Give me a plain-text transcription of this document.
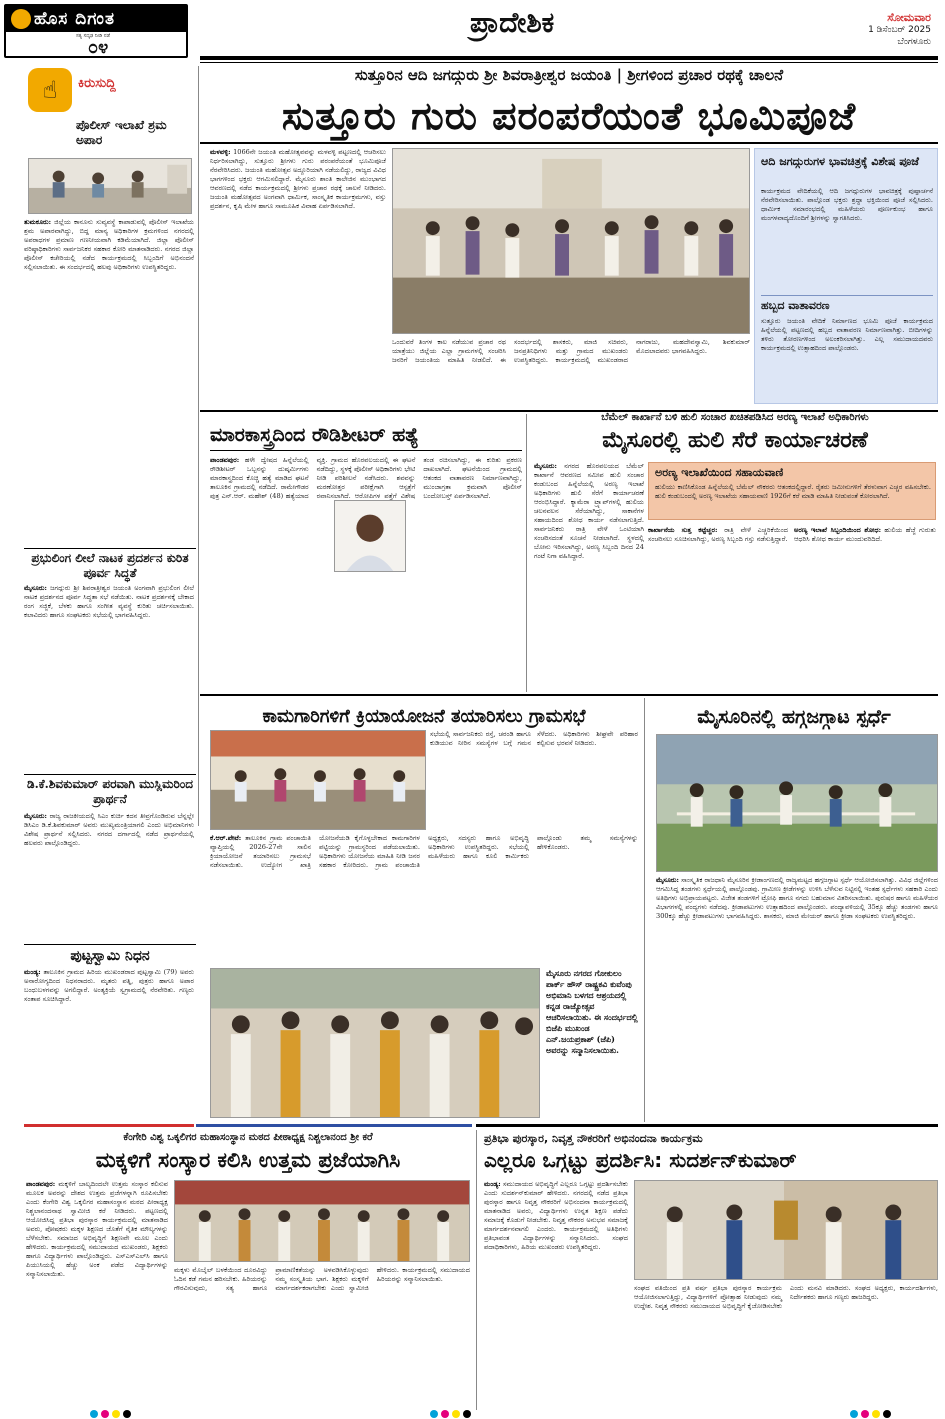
ಹೊಸ ದಿಗಂತ
ಸತ್ಯ ಸದೃಢ ನೀಡಿ ನಡೆ
೦೪
ಪ್ರಾದೇಶಿಕ	ಸೋಮವಾರ
1 ಡಿಸೆಂಬರ್ 2025
ಬೆಂಗಳೂರು
☝	ಕಿರುಸುದ್ದಿ
ಪೊಲೀಸ್ ಇಲಾಖೆ ಶ್ರಮ ಅಪಾರ

ತುಮಕೂರು: ಜಿಲ್ಲೆಯ ಕಾನೂನು ಸುವ್ಯವಸ್ಥೆ ಕಾಪಾಡುವಲ್ಲಿ ಪೊಲೀಸ್ ಇಲಾಖೆಯ ಶ್ರಮ ಅಪಾರವಾಗಿದ್ದು, ಬಿದ್ದ ಮಾನ್ಯ ಅಧಿಕಾರಿಗಳ ಕ್ರಮಗಳಿಂದ ನಗರದಲ್ಲಿ ಅಪರಾಧಗಳ ಪ್ರಮಾಣ ಗಣನೀಯವಾಗಿ ಕಡಿಮೆಯಾಗಿದೆ. ಜಿಲ್ಲಾ ಪೊಲೀಸ್ ವರಿಷ್ಠಾಧಿಕಾರಿಗಳು ಸಾರ್ವಜನಿಕರ ಸಹಕಾರ ಕೋರಿ ಮಾತನಾಡಿದರು. ನಗರದ ಜಿಲ್ಲಾ ಪೊಲೀಸ್ ಕಚೇರಿಯಲ್ಲಿ ನಡೆದ ಕಾರ್ಯಕ್ರಮದಲ್ಲಿ ಸಿಬ್ಬಂದಿಗೆ ಅಭಿನಂದನೆ ಸಲ್ಲಿಸಲಾಯಿತು. ಈ ಸಂದರ್ಭದಲ್ಲಿ ಹಲವು ಅಧಿಕಾರಿಗಳು ಉಪಸ್ಥಿತರಿದ್ದರು.

ಪ್ರಭುಲಿಂಗ ಲೀಲೆ ನಾಟಕ ಪ್ರದರ್ಶನ ಕುರಿತ ಪೂರ್ವ ಸಿದ್ಧತೆ

ಮೈಸೂರು: ಜಗದ್ಗುರು ಶ್ರೀ ಶಿವರಾತ್ರೀಶ್ವರ ಜಯಂತಿ ಅಂಗವಾಗಿ ಪ್ರಭುಲಿಂಗ ಲೀಲೆ ನಾಟಕ ಪ್ರದರ್ಶನದ ಪೂರ್ವ ಸಿದ್ಧತಾ ಸಭೆ ನಡೆಯಿತು. ನಾಟಕ ಪ್ರದರ್ಶನಕ್ಕೆ ಬೇಕಾದ ರಂಗ ಸಜ್ಜಿಕೆ, ಬೆಳಕು ಹಾಗೂ ಸಂಗೀತ ವ್ಯವಸ್ಥೆ ಕುರಿತು ಚರ್ಚಿಸಲಾಯಿತು. ಕಲಾವಿದರು ಹಾಗೂ ಸಂಘಟಕರು ಸಭೆಯಲ್ಲಿ ಭಾಗವಹಿಸಿದ್ದರು.

ಡಿ.ಕೆ.ಶಿವಕುಮಾರ್ ಪರವಾಗಿ ಮುಸ್ಲಿಮರಿಂದ ಪ್ರಾರ್ಥನೆ

ಮೈಸೂರು: ರಾಜ್ಯ ರಾಜಕೀಯದಲ್ಲಿ ಸಿಎಂ ಕುರ್ಚಿ ಕದನ ತೀವ್ರಗೊಂಡಿರುವ ಬೆನ್ನಲ್ಲೇ ಡಿಸಿಎಂ ಡಿ.ಕೆ.ಶಿವಕುಮಾರ್ ಅವರು ಮುಖ್ಯಮಂತ್ರಿಯಾಗಲಿ ಎಂದು ಅಭಿಮಾನಿಗಳು ವಿಶೇಷ ಪ್ರಾರ್ಥನೆ ಸಲ್ಲಿಸಿದರು. ನಗರದ ದರ್ಗಾದಲ್ಲಿ ನಡೆದ ಪ್ರಾರ್ಥನೆಯಲ್ಲಿ ಹಲವರು ಪಾಲ್ಗೊಂಡಿದ್ದರು.

ಪುಟ್ಟಸ್ವಾಮಿ ನಿಧನ

ಮಂಡ್ಯ: ತಾಲೂಕಿನ ಗ್ರಾಮದ ಹಿರಿಯ ಮುಖಂಡರಾದ ಪುಟ್ಟಸ್ವಾಮಿ (79) ಅವರು ಅನಾರೋಗ್ಯದಿಂದ ನಿಧನರಾದರು. ಮೃತರು ಪತ್ನಿ, ಪುತ್ರರು ಹಾಗೂ ಅಪಾರ ಬಂಧುಬಳಗವನ್ನು ಅಗಲಿದ್ದಾರೆ. ಅಂತ್ಯಕ್ರಿಯೆ ಸ್ವಗ್ರಾಮದಲ್ಲಿ ನೆರವೇರಿತು. ಗಣ್ಯರು ಸಂತಾಪ ಸೂಚಿಸಿದ್ದಾರೆ.

ಸುತ್ತೂರಿನ ಆದಿ ಜಗದ್ಗುರು ಶ್ರೀ ಶಿವರಾತ್ರೀಶ್ವರ ಜಯಂತಿ | ಶ್ರೀಗಳಿಂದ ಪ್ರಚಾರ ರಥಕ್ಕೆ ಚಾಲನೆ
ಸುತ್ತೂರು ಗುರು ಪರಂಪರೆಯಂತೆ ಭೂಮಿಪೂಜೆ

ಮಳವಳ್ಳಿ: 1066ನೇ ಜಯಂತಿ ಮಹೋತ್ಸವವನ್ನು ಮಳವಳ್ಳಿ ಪಟ್ಟಣದಲ್ಲಿ ಆಚರಿಸಲು ನಿರ್ಧರಿಸಲಾಗಿದ್ದು, ಸುತ್ತೂರು ಶ್ರೀಗಳು ಗುರು ಪರಂಪರೆಯಂತೆ ಭೂಮಿಪೂಜೆ ನೆರವೇರಿಸಿದರು. ಜಯಂತಿ ಮಹೋತ್ಸವ ಅದ್ದೂರಿಯಾಗಿ ನಡೆಯಲಿದ್ದು, ರಾಜ್ಯದ ವಿವಿಧ ಭಾಗಗಳಿಂದ ಭಕ್ತರು ಆಗಮಿಸಲಿದ್ದಾರೆ. ಮೈಸೂರು ಶಾಂತಿ ಕಾಲೇಜಿನ ಮುಂಭಾಗದ ಆವರಣದಲ್ಲಿ ನಡೆದ ಕಾರ್ಯಕ್ರಮದಲ್ಲಿ ಶ್ರೀಗಳು ಪ್ರಚಾರ ರಥಕ್ಕೆ ಚಾಲನೆ ನೀಡಿದರು. ಜಯಂತಿ ಮಹೋತ್ಸವದ ಅಂಗವಾಗಿ ಧಾರ್ಮಿಕ, ಸಾಂಸ್ಕೃತಿಕ ಕಾರ್ಯಕ್ರಮಗಳು, ವಸ್ತು ಪ್ರದರ್ಶನ, ಕೃಷಿ ಮೇಳ ಹಾಗೂ ಸಾಮೂಹಿಕ ವಿವಾಹ ಏರ್ಪಡಿಸಲಾಗಿದೆ.

ಒಂದುವರೆ ತಿಂಗಳ ಕಾಲ ನಡೆಯುವ ಪ್ರಚಾರ ರಥ ಯಾತ್ರೆಯು ಜಿಲ್ಲೆಯ ಎಲ್ಲಾ ಗ್ರಾಮಗಳಲ್ಲಿ ಸಂಚರಿಸಿ ಜನರಿಗೆ ಜಯಂತಿಯ ಮಾಹಿತಿ ನೀಡಲಿದೆ. ಈ ಸಂದರ್ಭದಲ್ಲಿ ಶಾಸಕರು, ಮಾಜಿ ಸಚಿವರು, ಜನಪ್ರತಿನಿಧಿಗಳು ಮತ್ತು ಗ್ರಾಮದ ಮುಖಂಡರು ಉಪಸ್ಥಿತರಿದ್ದರು. ಕಾರ್ಯಕ್ರಮದಲ್ಲಿ ಮುಖಂಡರಾದ ನಾಗರಾಜು, ಮಹದೇವಸ್ವಾಮಿ, ಶಿವಕುಮಾರ್ ಮೊದಲಾದವರು ಭಾಗವಹಿಸಿದ್ದರು.
ಆದಿ ಜಗದ್ಗುರುಗಳ ಭಾವಚಿತ್ರಕ್ಕೆ ವಿಶೇಷ ಪೂಜೆ
ಕಾರ್ಯಕ್ರಮದ ವೇದಿಕೆಯಲ್ಲಿ ಆದಿ ಜಗದ್ಗುರುಗಳ ಭಾವಚಿತ್ರಕ್ಕೆ ಪುಷ್ಪಾರ್ಚನೆ ನೆರವೇರಿಸಲಾಯಿತು. ಪಾಲ್ಗೊಂಡ ಭಕ್ತರು ಶ್ರದ್ಧಾ ಭಕ್ತಿಯಿಂದ ಪೂಜೆ ಸಲ್ಲಿಸಿದರು. ಧಾರ್ಮಿಕ ಸಮಾರಂಭದಲ್ಲಿ ಮಹಿಳೆಯರು ಪೂರ್ಣಕುಂಭ ಹಾಗೂ ಮಂಗಳವಾದ್ಯದೊಂದಿಗೆ ಶ್ರೀಗಳನ್ನು ಸ್ವಾಗತಿಸಿದರು.
ಹಬ್ಬದ ವಾತಾವರಣ
ಸುತ್ತೂರು ಜಯಂತಿ ವೇದಿಕೆ ನಿರ್ಮಾಣದ ಭೂಮಿ ಪೂಜೆ ಕಾರ್ಯಕ್ರಮದ ಹಿನ್ನೆಲೆಯಲ್ಲಿ ಪಟ್ಟಣದಲ್ಲಿ ಹಬ್ಬದ ವಾತಾವರಣ ನಿರ್ಮಾಣವಾಗಿತ್ತು. ಬೀದಿಗಳನ್ನು ತಳಿರು ತೋರಣಗಳಿಂದ ಅಲಂಕರಿಸಲಾಗಿತ್ತು. ಎಲ್ಲ ಸಮುದಾಯದವರು ಕಾರ್ಯಕ್ರಮದಲ್ಲಿ ಉತ್ಸಾಹದಿಂದ ಪಾಲ್ಗೊಂಡರು.
ಮಾರಕಾಸ್ತ್ರದಿಂದ ರೌಡಿಶೀಟರ್ ಹತ್ಯೆ

ಪಾಂಡವಪುರ: ಹಳೇ ದ್ವೇಷದ ಹಿನ್ನೆಲೆಯಲ್ಲಿ ರೌಡಿಶೀಟರ್ ಒಬ್ಬನನ್ನು ದುಷ್ಕರ್ಮಿಗಳು ಮಾರಕಾಸ್ತ್ರದಿಂದ ಕೊಚ್ಚಿ ಹತ್ಯೆ ಮಾಡಿದ ಘಟನೆ ತಾಲೂಕಿನ ಗ್ರಾಮದಲ್ಲಿ ನಡೆದಿದೆ. ರಾಮೇಗೌಡರ ಪುತ್ರ ಎನ್.ಆರ್. ಮಹೇಶ್ (48) ಹತ್ಯೆಯಾದ ವ್ಯಕ್ತಿ. ಗ್ರಾಮದ ಹೊರವಲಯದಲ್ಲಿ ಈ ಘಟನೆ ನಡೆದಿದ್ದು, ಸ್ಥಳಕ್ಕೆ ಪೊಲೀಸ್ ಅಧಿಕಾರಿಗಳು ಭೇಟಿ ನೀಡಿ ಪರಿಶೀಲನೆ ನಡೆಸಿದರು. ಶವವನ್ನು ಮರಣೋತ್ತರ ಪರೀಕ್ಷೆಗಾಗಿ ಆಸ್ಪತ್ರೆಗೆ ರವಾನಿಸಲಾಗಿದೆ. ಆರೋಪಿಗಳ ಪತ್ತೆಗೆ ವಿಶೇಷ ತಂಡ ರಚಿಸಲಾಗಿದ್ದು, ಈ ಕುರಿತು ಪ್ರಕರಣ ದಾಖಲಾಗಿದೆ. ಘಟನೆಯಿಂದ ಗ್ರಾಮದಲ್ಲಿ ಆತಂಕದ ವಾತಾವರಣ ನಿರ್ಮಾಣವಾಗಿದ್ದು, ಮುಂಜಾಗ್ರತಾ ಕ್ರಮವಾಗಿ ಪೊಲೀಸ್ ಬಂದೋಬಸ್ತ್ ಏರ್ಪಡಿಸಲಾಗಿದೆ.

ಬೆಮೆಲ್ ಕಾರ್ಖಾನೆ ಬಳಿ ಹುಲಿ ಸಂಚಾರ ಖಚಿತಪಡಿಸಿದ ಅರಣ್ಯ ಇಲಾಖೆ ಅಧಿಕಾರಿಗಳು
ಮೈಸೂರಲ್ಲಿ ಹುಲಿ ಸೆರೆ ಕಾರ್ಯಾಚರಣೆ

ಮೈಸೂರು: ನಗರದ ಹೊರವಲಯದ ಬೆಮೆಲ್ ಕಾರ್ಖಾನೆ ಆವರಣದ ಸಮೀಪ ಹುಲಿ ಸಂಚಾರ ಕಂಡುಬಂದ ಹಿನ್ನೆಲೆಯಲ್ಲಿ ಅರಣ್ಯ ಇಲಾಖೆ ಅಧಿಕಾರಿಗಳು ಹುಲಿ ಸೆರೆಗೆ ಕಾರ್ಯಾಚರಣೆ ಆರಂಭಿಸಿದ್ದಾರೆ. ಕ್ಯಾಮೆರಾ ಟ್ರ್ಯಾಪ್‌ಗಳಲ್ಲಿ ಹುಲಿಯ ಚಲನವಲನ ಸೆರೆಯಾಗಿದ್ದು, ಸಾಕಾನೆಗಳ ಸಹಾಯದಿಂದ ಶೋಧ ಕಾರ್ಯ ನಡೆಸಲಾಗುತ್ತಿದೆ. ಸಾರ್ವಜನಿಕರು ರಾತ್ರಿ ವೇಳೆ ಒಂಟಿಯಾಗಿ ಸಂಚರಿಸದಂತೆ ಸೂಚನೆ ನೀಡಲಾಗಿದೆ. ಸ್ಥಳದಲ್ಲಿ ಬೋನು ಇರಿಸಲಾಗಿದ್ದು, ಅರಣ್ಯ ಸಿಬ್ಬಂದಿ ದಿನದ 24 ಗಂಟೆ ನಿಗಾ ವಹಿಸಿದ್ದಾರೆ.

ಅರಣ್ಯ ಇಲಾಖೆಯಿಂದ ಸಹಾಯವಾಣಿ
ಹುಲಿಯು ಕಾಣಿಸಿಕೊಂಡ ಹಿನ್ನೆಲೆಯಲ್ಲಿ ಬೆಮೆಲ್ ನೌಕರರು ಆತಂಕದಲ್ಲಿದ್ದಾರೆ. ರೈತರು ಜಮೀನುಗಳಿಗೆ ತೆರಳುವಾಗ ಎಚ್ಚರ ವಹಿಸಬೇಕು. ಹುಲಿ ಕಂಡುಬಂದಲ್ಲಿ ಅರಣ್ಯ ಇಲಾಖೆಯ ಸಹಾಯವಾಣಿ 1926ಗೆ ಕರೆ ಮಾಡಿ ಮಾಹಿತಿ ನೀಡುವಂತೆ ಕೋರಲಾಗಿದೆ.

ಕಾರ್ಖಾನೆಯ ಸುತ್ತ ಕಟ್ಟೆಚ್ಚರ: ರಾತ್ರಿ ವೇಳೆ ಎಚ್ಚರಿಕೆಯಿಂದ ಸಂಚರಿಸಲು ಸೂಚಿಸಲಾಗಿದ್ದು, ಅರಣ್ಯ ಸಿಬ್ಬಂದಿ ಗಸ್ತು ನಡೆಸುತ್ತಿದ್ದಾರೆ.

ಅರಣ್ಯ ಇಲಾಖೆ ಸಿಬ್ಬಂದಿಯಿಂದ ಶೋಧ: ಹುಲಿಯ ಹೆಜ್ಜೆ ಗುರುತು ಆಧರಿಸಿ ಶೋಧ ಕಾರ್ಯ ಮುಂದುವರಿದಿದೆ.

ಕಾಮಗಾರಿಗಳಿಗೆ ಕ್ರಿಯಾಯೋಜನೆ ತಯಾರಿಸಲು ಗ್ರಾಮಸಭೆ
ಸಭೆಯಲ್ಲಿ ಸಾರ್ವಜನಿಕರು ರಸ್ತೆ, ಚರಂಡಿ ಹಾಗೂ ಕುಡಿಯುವ ನೀರಿನ ಸಮಸ್ಯೆಗಳ ಬಗ್ಗೆ ಗಮನ ಸೆಳೆದರು. ಅಧಿಕಾರಿಗಳು ಶೀಘ್ರವೇ ಪರಿಹಾರ ಕಲ್ಪಿಸುವ ಭರವಸೆ ನೀಡಿದರು.

ಕೆ.ಆರ್.ಪೇಟೆ: ತಾಲೂಕಿನ ಗ್ರಾಮ ಪಂಚಾಯಿತಿ ವ್ಯಾಪ್ತಿಯಲ್ಲಿ 2026-27ನೇ ಸಾಲಿನ ಕ್ರಿಯಾಯೋಜನೆ ತಯಾರಿಸಲು ಗ್ರಾಮಸಭೆ ನಡೆಸಲಾಯಿತು. ಉದ್ಯೋಗ ಖಾತ್ರಿ ಯೋಜನೆಯಡಿ ಕೈಗೊಳ್ಳಬೇಕಾದ ಕಾಮಗಾರಿಗಳ ಪಟ್ಟಿಯನ್ನು ಗ್ರಾಮಸ್ಥರಿಂದ ಪಡೆಯಲಾಯಿತು. ಅಧಿಕಾರಿಗಳು ಯೋಜನೆಯ ಮಾಹಿತಿ ನೀಡಿ ಜನರ ಸಹಕಾರ ಕೋರಿದರು. ಗ್ರಾಮ ಪಂಚಾಯಿತಿ ಅಧ್ಯಕ್ಷರು, ಸದಸ್ಯರು ಹಾಗೂ ಅಭಿವೃದ್ಧಿ ಅಧಿಕಾರಿಗಳು ಉಪಸ್ಥಿತರಿದ್ದರು. ಸಭೆಯಲ್ಲಿ ಮಹಿಳೆಯರು ಹಾಗೂ ಕೂಲಿ ಕಾರ್ಮಿಕರು ಪಾಲ್ಗೊಂಡು ತಮ್ಮ ಸಮಸ್ಯೆಗಳನ್ನು ಹೇಳಿಕೊಂಡರು.

ಮೈಸೂರು ನಗರದ ಗೋಕುಲಂ ಪಾರ್ಕ್ ಹೌಸ್ ರಾಷ್ಟ್ರಕವಿ ಕುವೆಂಪು ಅಭಿಮಾನಿ ಬಳಗದ ಆಶ್ರಯದಲ್ಲಿ ಕನ್ನಡ ರಾಜ್ಯೋತ್ಸವ ಆಚರಿಸಲಾಯಿತು. ಈ ಸಂದರ್ಭದಲ್ಲಿ ಬಿಜೆಪಿ ಮುಖಂಡ ಎನ್.ಜಯಪ್ರಕಾಶ್ (ಜೆಪಿ) ಅವರನ್ನು ಸನ್ಮಾನಿಸಲಾಯಿತು.
ಮೈಸೂರಿನಲ್ಲಿ ಹಗ್ಗಜಗ್ಗಾಟ ಸ್ಪರ್ಧೆ

ಮೈಸೂರು: ಸಾಂಸ್ಕೃತಿಕ ರಾಜಧಾನಿ ಮೈಸೂರಿನ ಕ್ರೀಡಾಂಗಣದಲ್ಲಿ ರಾಜ್ಯಮಟ್ಟದ ಹಗ್ಗಜಗ್ಗಾಟ ಸ್ಪರ್ಧೆ ಆಯೋಜಿಸಲಾಗಿತ್ತು. ವಿವಿಧ ಜಿಲ್ಲೆಗಳಿಂದ ಆಗಮಿಸಿದ್ದ ತಂಡಗಳು ಸ್ಪರ್ಧೆಯಲ್ಲಿ ಪಾಲ್ಗೊಂಡವು. ಗ್ರಾಮೀಣ ಕ್ರೀಡೆಗಳನ್ನು ಉಳಿಸಿ ಬೆಳೆಸುವ ನಿಟ್ಟಿನಲ್ಲಿ ಇಂತಹ ಸ್ಪರ್ಧೆಗಳು ಸಹಕಾರಿ ಎಂದು ಅತಿಥಿಗಳು ಅಭಿಪ್ರಾಯಪಟ್ಟರು. ವಿಜೇತ ತಂಡಗಳಿಗೆ ಟ್ರೋಫಿ ಹಾಗೂ ನಗದು ಬಹುಮಾನ ವಿತರಿಸಲಾಯಿತು. ಪುರುಷರ ಹಾಗೂ ಮಹಿಳೆಯರ ವಿಭಾಗಗಳಲ್ಲಿ ಪಂದ್ಯಗಳು ನಡೆದವು. ಕ್ರೀಡಾಪಟುಗಳು ಉತ್ಸಾಹದಿಂದ ಪಾಲ್ಗೊಂಡರು. ಪಂದ್ಯಾವಳಿಯಲ್ಲಿ 35ಕ್ಕೂ ಹೆಚ್ಚು ತಂಡಗಳು ಹಾಗೂ 300ಕ್ಕೂ ಹೆಚ್ಚು ಕ್ರೀಡಾಪಟುಗಳು ಭಾಗವಹಿಸಿದ್ದರು. ಶಾಸಕರು, ಮಾಜಿ ಮೇಯರ್ ಹಾಗೂ ಕ್ರೀಡಾ ಸಂಘಟಕರು ಉಪಸ್ಥಿತರಿದ್ದರು.

ಕೆಂಗೇರಿ ವಿಶ್ವ ಒಕ್ಕಲಿಗರ ಮಹಾಸಂಸ್ಥಾನ ಮಠದ ಪೀಠಾಧ್ಯಕ್ಷ ನಿಶ್ಚಲಾನಂದ ಶ್ರೀ ಕರೆ
ಮಕ್ಕಳಿಗೆ ಸಂಸ್ಕಾರ ಕಲಿಸಿ ಉತ್ತಮ ಪ್ರಜೆಯಾಗಿಸಿ

ಪಾಂಡವಪುರ: ಮಕ್ಕಳಿಗೆ ಬಾಲ್ಯದಿಂದಲೇ ಉತ್ತಮ ಸಂಸ್ಕಾರ ಕಲಿಸುವ ಮೂಲಕ ಅವರನ್ನು ದೇಶದ ಉತ್ತಮ ಪ್ರಜೆಗಳನ್ನಾಗಿ ರೂಪಿಸಬೇಕು ಎಂದು ಕೆಂಗೇರಿ ವಿಶ್ವ ಒಕ್ಕಲಿಗರ ಮಹಾಸಂಸ್ಥಾನ ಮಠದ ಪೀಠಾಧ್ಯಕ್ಷ ನಿಶ್ಚಲಾನಂದನಾಥ ಸ್ವಾಮೀಜಿ ಕರೆ ನೀಡಿದರು. ಪಟ್ಟಣದಲ್ಲಿ ಆಯೋಜಿಸಿದ್ದ ಪ್ರತಿಭಾ ಪುರಸ್ಕಾರ ಕಾರ್ಯಕ್ರಮದಲ್ಲಿ ಮಾತನಾಡಿದ ಅವರು, ಪೋಷಕರು ಮಕ್ಕಳ ಶಿಕ್ಷಣದ ಜೊತೆಗೆ ನೈತಿಕ ಮೌಲ್ಯಗಳನ್ನು ಬೆಳೆಸಬೇಕು. ಸಮಾಜದ ಅಭಿವೃದ್ಧಿಗೆ ಶಿಕ್ಷಣವೇ ಮೂಲ ಎಂದು ಹೇಳಿದರು. ಕಾರ್ಯಕ್ರಮದಲ್ಲಿ ಸಮುದಾಯದ ಮುಖಂಡರು, ಶಿಕ್ಷಕರು ಹಾಗೂ ವಿದ್ಯಾರ್ಥಿಗಳು ಪಾಲ್ಗೊಂಡಿದ್ದರು. ಎಸ್‌ಎಸ್‌ಎಲ್‌ಸಿ ಹಾಗೂ ಪಿಯುಸಿಯಲ್ಲಿ ಹೆಚ್ಚು ಅಂಕ ಪಡೆದ ವಿದ್ಯಾರ್ಥಿಗಳನ್ನು ಸನ್ಮಾನಿಸಲಾಯಿತು.	ಮಕ್ಕಳು ಮೊಬೈಲ್ ಬಳಕೆಯಿಂದ ದೂರವಿದ್ದು ಓದಿನ ಕಡೆ ಗಮನ ಹರಿಸಬೇಕು. ಹಿರಿಯರನ್ನು ಗೌರವಿಸುವುದು, ಸತ್ಯ ಹಾಗೂ ಪ್ರಾಮಾಣಿಕತೆಯನ್ನು ಅಳವಡಿಸಿಕೊಳ್ಳುವುದು ನಮ್ಮ ಸಂಸ್ಕೃತಿಯ ಭಾಗ. ಶಿಕ್ಷಕರು ಮಕ್ಕಳಿಗೆ ಮಾರ್ಗದರ್ಶಕರಾಗಬೇಕು ಎಂದು ಸ್ವಾಮೀಜಿ ಹೇಳಿದರು. ಕಾರ್ಯಕ್ರಮದಲ್ಲಿ ಸಮುದಾಯದ ಹಿರಿಯರನ್ನು ಸನ್ಮಾನಿಸಲಾಯಿತು.
ಪ್ರತಿಭಾ ಪುರಸ್ಕಾರ, ನಿವೃತ್ತ ನೌಕರರಿಗೆ ಅಭಿನಂದನಾ ಕಾರ್ಯಕ್ರಮ
ಎಲ್ಲರೂ ಒಗ್ಗಟ್ಟು ಪ್ರದರ್ಶಿಸಿ: ಸುದರ್ಶನ್‌ಕುಮಾರ್

ಮಂಡ್ಯ: ಸಮುದಾಯದ ಅಭಿವೃದ್ಧಿಗೆ ಎಲ್ಲರೂ ಒಗ್ಗಟ್ಟು ಪ್ರದರ್ಶಿಸಬೇಕು ಎಂದು ಸುದರ್ಶನ್‌ಕುಮಾರ್ ಹೇಳಿದರು. ನಗರದಲ್ಲಿ ನಡೆದ ಪ್ರತಿಭಾ ಪುರಸ್ಕಾರ ಹಾಗೂ ನಿವೃತ್ತ ನೌಕರರಿಗೆ ಅಭಿನಂದನಾ ಕಾರ್ಯಕ್ರಮದಲ್ಲಿ ಮಾತನಾಡಿದ ಅವರು, ವಿದ್ಯಾರ್ಥಿಗಳು ಉನ್ನತ ಶಿಕ್ಷಣ ಪಡೆದು ಸಮಾಜಕ್ಕೆ ಕೊಡುಗೆ ನೀಡಬೇಕು. ನಿವೃತ್ತ ನೌಕರರ ಅನುಭವ ಸಮಾಜಕ್ಕೆ ಮಾರ್ಗದರ್ಶನವಾಗಲಿ ಎಂದರು. ಕಾರ್ಯಕ್ರಮದಲ್ಲಿ ಅತಿಥಿಗಳು ಪ್ರತಿಭಾವಂತ ವಿದ್ಯಾರ್ಥಿಗಳನ್ನು ಸನ್ಮಾನಿಸಿದರು. ಸಂಘದ ಪದಾಧಿಕಾರಿಗಳು, ಹಿರಿಯ ಮುಖಂಡರು ಉಪಸ್ಥಿತರಿದ್ದರು.

ಸಂಘದ ವತಿಯಿಂದ ಪ್ರತಿ ವರ್ಷ ಪ್ರತಿಭಾ ಪುರಸ್ಕಾರ ಕಾರ್ಯಕ್ರಮ ಆಯೋಜಿಸಲಾಗುತ್ತಿದ್ದು, ವಿದ್ಯಾರ್ಥಿಗಳಿಗೆ ಪ್ರೋತ್ಸಾಹ ನೀಡುವುದು ನಮ್ಮ ಉದ್ದೇಶ. ನಿವೃತ್ತ ನೌಕರರು ಸಮುದಾಯದ ಅಭಿವೃದ್ಧಿಗೆ ಕೈಜೋಡಿಸಬೇಕು ಎಂದು ಮನವಿ ಮಾಡಿದರು. ಸಂಘದ ಅಧ್ಯಕ್ಷರು, ಕಾರ್ಯದರ್ಶಿಗಳು, ನಿರ್ದೇಶಕರು ಹಾಗೂ ಗಣ್ಯರು ಹಾಜರಿದ್ದರು.
